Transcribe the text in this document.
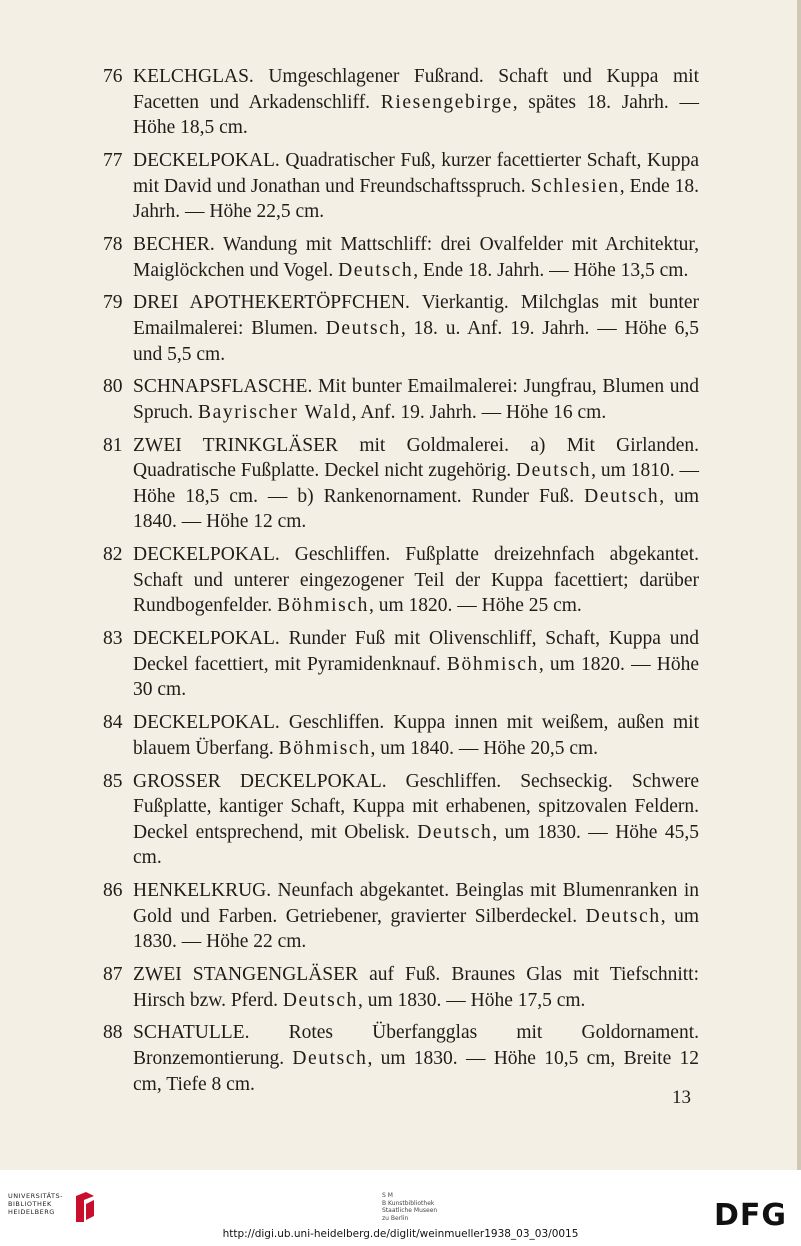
76 KELCHGLAS. Umgeschlagener Fußrand. Schaft und Kuppa mit Facetten und Arkadenschliff. Riesengebirge, spätes 18. Jahrh. — Höhe 18,5 cm.
77 DECKELPOKAL. Quadratischer Fuß, kurzer facettierter Schaft, Kuppa mit David und Jonathan und Freundschaftsspruch. Schlesien, Ende 18. Jahrh. — Höhe 22,5 cm.
78 BECHER. Wandung mit Mattschliff: drei Ovalfelder mit Architektur, Maiglöckchen und Vogel. Deutsch, Ende 18. Jahrh. — Höhe 13,5 cm.
79 DREI APOTHEKERTÖPFCHEN. Vierkantig. Milchglas mit bunter Emailmalerei: Blumen. Deutsch, 18. u. Anf. 19. Jahrh. — Höhe 6,5 und 5,5 cm.
80 SCHNAPSFLASCHE. Mit bunter Emailmalerei: Jungfrau, Blumen und Spruch. Bayrischer Wald, Anf. 19. Jahrh. — Höhe 16 cm.
81 ZWEI TRINKGLÄSER mit Goldmalerei. a) Mit Girlanden. Quadratische Fußplatte. Deckel nicht zugehörig. Deutsch, um 1810. — Höhe 18,5 cm. — b) Rankenornament. Runder Fuß. Deutsch, um 1840. — Höhe 12 cm.
82 DECKELPOKAL. Geschliffen. Fußplatte dreizehnfach abgekantet. Schaft und unterer eingezogener Teil der Kuppa facettiert; darüber Rundbogenfelder. Böhmisch, um 1820. — Höhe 25 cm.
83 DECKELPOKAL. Runder Fuß mit Olivenschliff, Schaft, Kuppa und Deckel facettiert, mit Pyramidenknauf. Böhmisch, um 1820. — Höhe 30 cm.
84 DECKELPOKAL. Geschliffen. Kuppa innen mit weißem, außen mit blauem Überfang. Böhmisch, um 1840. — Höhe 20,5 cm.
85 GROSSER DECKELPOKAL. Geschliffen. Sechseckig. Schwere Fußplatte, kantiger Schaft, Kuppa mit erhabenen, spitzovalen Feldern. Deckel entsprechend, mit Obelisk. Deutsch, um 1830. — Höhe 45,5 cm.
86 HENKELKRUG. Neunfach abgekantet. Beinglas mit Blumenranken in Gold und Farben. Getriebener, gravierter Silberdeckel. Deutsch, um 1830. — Höhe 22 cm.
87 ZWEI STANGENGLÄSER auf Fuß. Braunes Glas mit Tiefschnitt: Hirsch bzw. Pferd. Deutsch, um 1830. — Höhe 17,5 cm.
88 SCHATULLE. Rotes Überfangglas mit Goldornament. Bronzemontierung. Deutsch, um 1830. — Höhe 10,5 cm, Breite 12 cm, Tiefe 8 cm.
13
UNIVERSITÄTS-
BIBLIOTHEK
HEIDELBERG
S M
B Kunstbibliothek
Staatliche Museen
zu Berlin	DFG
http://digi.ub.uni-heidelberg.de/diglit/weinmueller1938_03_03/0015
